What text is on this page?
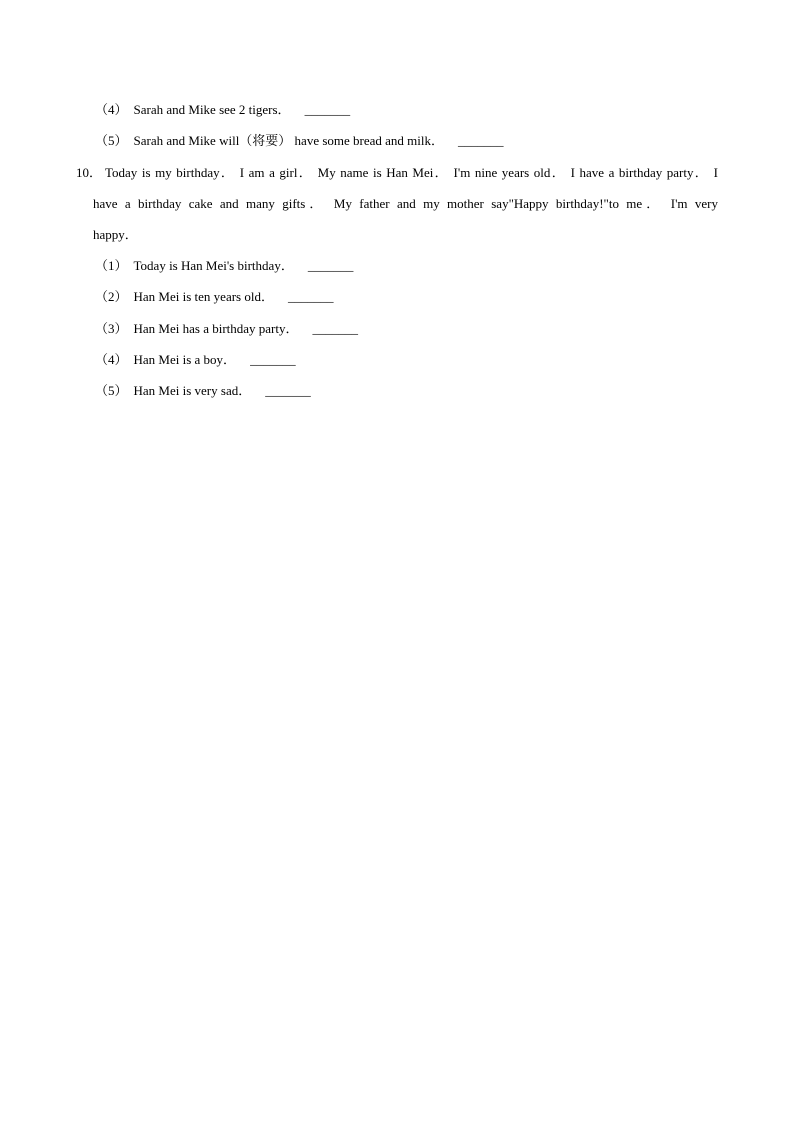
（4） Sarah and Mike see 2 tigers． _______
（5） Sarah and Mike will（将要） have some bread and milk． _______
10． Today is my birthday． I am a girl． My name is Han Mei． I'm nine years old． I have a birthday party． I
have a birthday cake and many gifts． My father and my mother say"Happy birthday!"to me． I'm very
happy．
（1） Today is Han Mei's birthday． _______
（2） Han Mei is ten years old． _______
（3） Han Mei has a birthday party． _______
（4） Han Mei is a boy． _______
（5） Han Mei is very sad． _______
